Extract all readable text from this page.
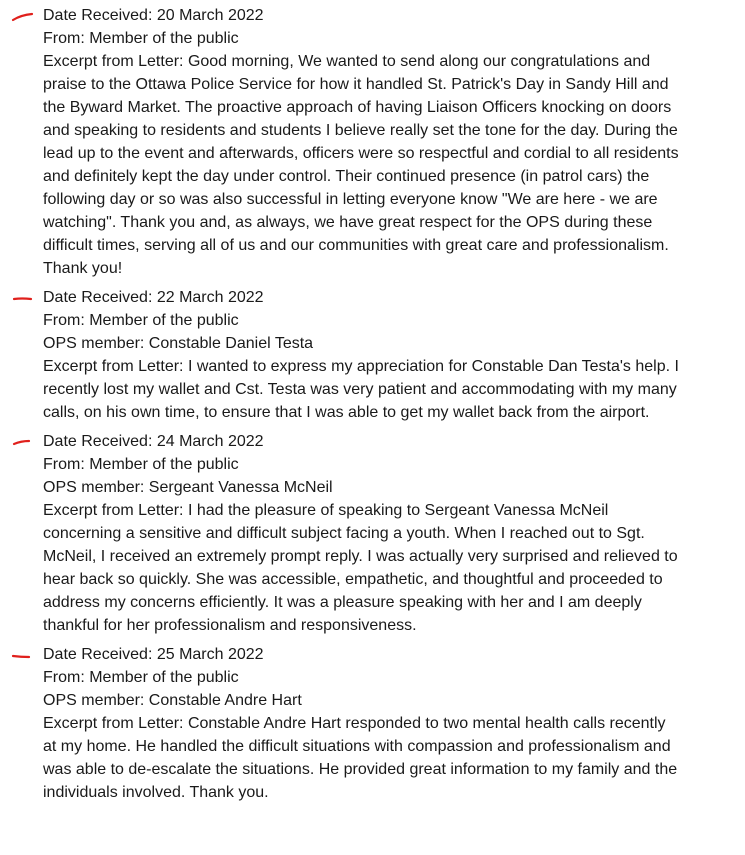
Date Received: 20 March 2022
From: Member of the public
Excerpt from Letter: Good morning, We wanted to send along our congratulations and praise to the Ottawa Police Service for how it handled St. Patrick's Day in Sandy Hill and the Byward Market. The proactive approach of having Liaison Officers knocking on doors and speaking to residents and students I believe really set the tone for the day. During the lead up to the event and afterwards, officers were so respectful and cordial to all residents and definitely kept the day under control. Their continued presence (in patrol cars) the following day or so was also successful in letting everyone know "We are here - we are watching". Thank you and, as always, we have great respect for the OPS during these difficult times, serving all of us and our communities with great care and professionalism. Thank you!
Date Received: 22 March 2022
From: Member of the public
OPS member: Constable Daniel Testa
Excerpt from Letter: I wanted to express my appreciation for Constable Dan Testa's help. I recently lost my wallet and Cst. Testa was very patient and accommodating with my many calls, on his own time, to ensure that I was able to get my wallet back from the airport.
Date Received: 24 March 2022
From: Member of the public
OPS member: Sergeant Vanessa McNeil
Excerpt from Letter: I had the pleasure of speaking to Sergeant Vanessa McNeil concerning a sensitive and difficult subject facing a youth. When I reached out to Sgt. McNeil, I received an extremely prompt reply. I was actually very surprised and relieved to hear back so quickly. She was accessible, empathetic, and thoughtful and proceeded to address my concerns efficiently. It was a pleasure speaking with her and I am deeply thankful for her professionalism and responsiveness.
Date Received: 25 March 2022
From: Member of the public
OPS member: Constable Andre Hart
Excerpt from Letter: Constable Andre Hart responded to two mental health calls recently at my home. He handled the difficult situations with compassion and professionalism and was able to de-escalate the situations. He provided great information to my family and the individuals involved. Thank you.
